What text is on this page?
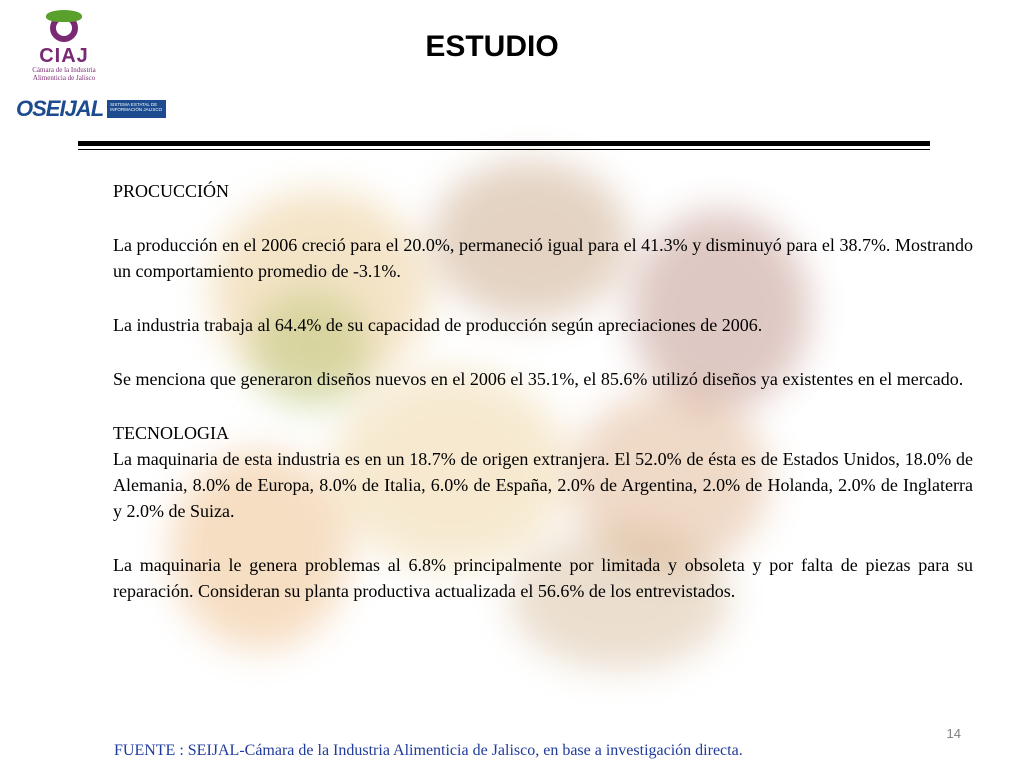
CIAJ
Cámara de la Industria Alimenticia de Jalisco
OSEIJAL	SISTEMA ESTATAL DE INFORMACIÓN JALISCO
ESTUDIO

PROCUCCIÓN

La producción en el 2006 creció para el 20.0%, permaneció igual para el 41.3% y disminuyó para el 38.7%. Mostrando un comportamiento promedio de -3.1%.

La industria trabaja al 64.4% de su capacidad de producción según apreciaciones de 2006.

Se menciona que generaron diseños nuevos en el 2006 el 35.1%, el 85.6% utilizó diseños ya existentes en el mercado.

TECNOLOGIA

La maquinaria de esta industria es en un 18.7% de origen extranjera. El 52.0% de ésta es de Estados Unidos, 18.0% de Alemania, 8.0% de Europa, 8.0% de Italia, 6.0% de España, 2.0% de Argentina, 2.0% de Holanda, 2.0% de Inglaterra y 2.0% de Suiza.

La maquinaria le genera problemas al 6.8% principalmente por limitada y obsoleta y por falta de piezas para su reparación. Consideran su planta productiva actualizada el 56.6% de los entrevistados.

14
FUENTE : SEIJAL-Cámara de la Industria Alimenticia de Jalisco, en base a investigación directa.
